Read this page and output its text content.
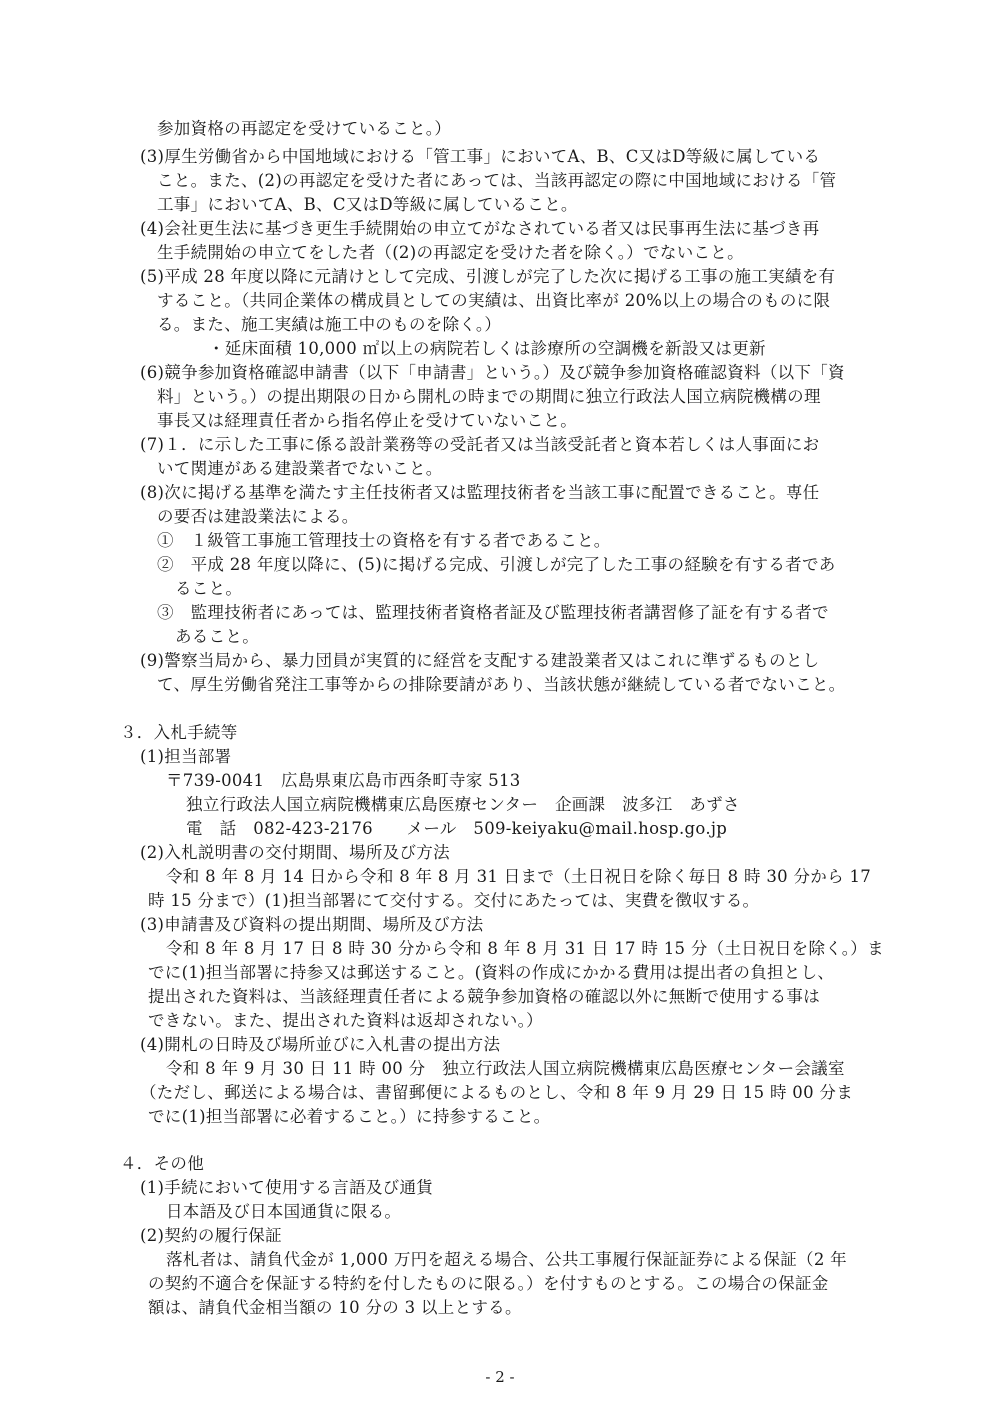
参加資格の再認定を受けていること。）
(3)厚生労働省から中国地域における「管工事」においてA、B、C又はD等級に属している
こと。また、(2)の再認定を受けた者にあっては、当該再認定の際に中国地域における「管
工事」においてA、B、C又はD等級に属していること。
(4)会社更生法に基づき更生手続開始の申立てがなされている者又は民事再生法に基づき再
生手続開始の申立てをした者（(2)の再認定を受けた者を除く。）でないこと。
(5)平成 28 年度以降に元請けとして完成、引渡しが完了した次に掲げる工事の施工実績を有
すること。（共同企業体の構成員としての実績は、出資比率が 20%以上の場合のものに限
る。また、施工実績は施工中のものを除く。）
・延床面積 10,000 ㎡以上の病院若しくは診療所の空調機を新設又は更新
(6)競争参加資格確認申請書（以下「申請書」という。）及び競争参加資格確認資料（以下「資
料」という。）の提出期限の日から開札の時までの期間に独立行政法人国立病院機構の理
事長又は経理責任者から指名停止を受けていないこと。
(7)１．に示した工事に係る設計業務等の受託者又は当該受託者と資本若しくは人事面にお
いて関連がある建設業者でないこと。
(8)次に掲げる基準を満たす主任技術者又は監理技術者を当該工事に配置できること。専任
の要否は建設業法による。
①　１級管工事施工管理技士の資格を有する者であること。
②　平成 28 年度以降に、(5)に掲げる完成、引渡しが完了した工事の経験を有する者であ
ること。
③　監理技術者にあっては、監理技術者資格者証及び監理技術者講習修了証を有する者で
あること。
(9)警察当局から、暴力団員が実質的に経営を支配する建設業者又はこれに準ずるものとし
て、厚生労働省発注工事等からの排除要請があり、当該状態が継続している者でないこと。
３．入札手続等
(1)担当部署
〒739-0041　広島県東広島市西条町寺家 513
独立行政法人国立病院機構東広島医療センター　企画課　波多江　あずさ
電　話　082-423-2176　　メール　509-keiyaku@mail.hosp.go.jp
(2)入札説明書の交付期間、場所及び方法
令和 8 年 8 月 14 日から令和 8 年 8 月 31 日まで（土日祝日を除く毎日 8 時 30 分から 17
時 15 分まで）(1)担当部署にて交付する。交付にあたっては、実費を徴収する。
(3)申請書及び資料の提出期間、場所及び方法
令和 8 年 8 月 17 日 8 時 30 分から令和 8 年 8 月 31 日 17 時 15 分（土日祝日を除く。）ま
でに(1)担当部署に持参又は郵送すること。(資料の作成にかかる費用は提出者の負担とし、
提出された資料は、当該経理責任者による競争参加資格の確認以外に無断で使用する事は
できない。また、提出された資料は返却されない。）
(4)開札の日時及び場所並びに入札書の提出方法
令和 8 年 9 月 30 日 11 時 00 分　独立行政法人国立病院機構東広島医療センター会議室
（ただし、郵送による場合は、書留郵便によるものとし、令和 8 年 9 月 29 日 15 時 00 分ま
でに(1)担当部署に必着すること。）に持参すること。
４．その他
(1)手続において使用する言語及び通貨
日本語及び日本国通貨に限る。
(2)契約の履行保証
落札者は、請負代金が 1,000 万円を超える場合、公共工事履行保証証券による保証（2 年
の契約不適合を保証する特約を付したものに限る。）を付すものとする。この場合の保証金
額は、請負代金相当額の 10 分の 3 以上とする。
- 2 -
